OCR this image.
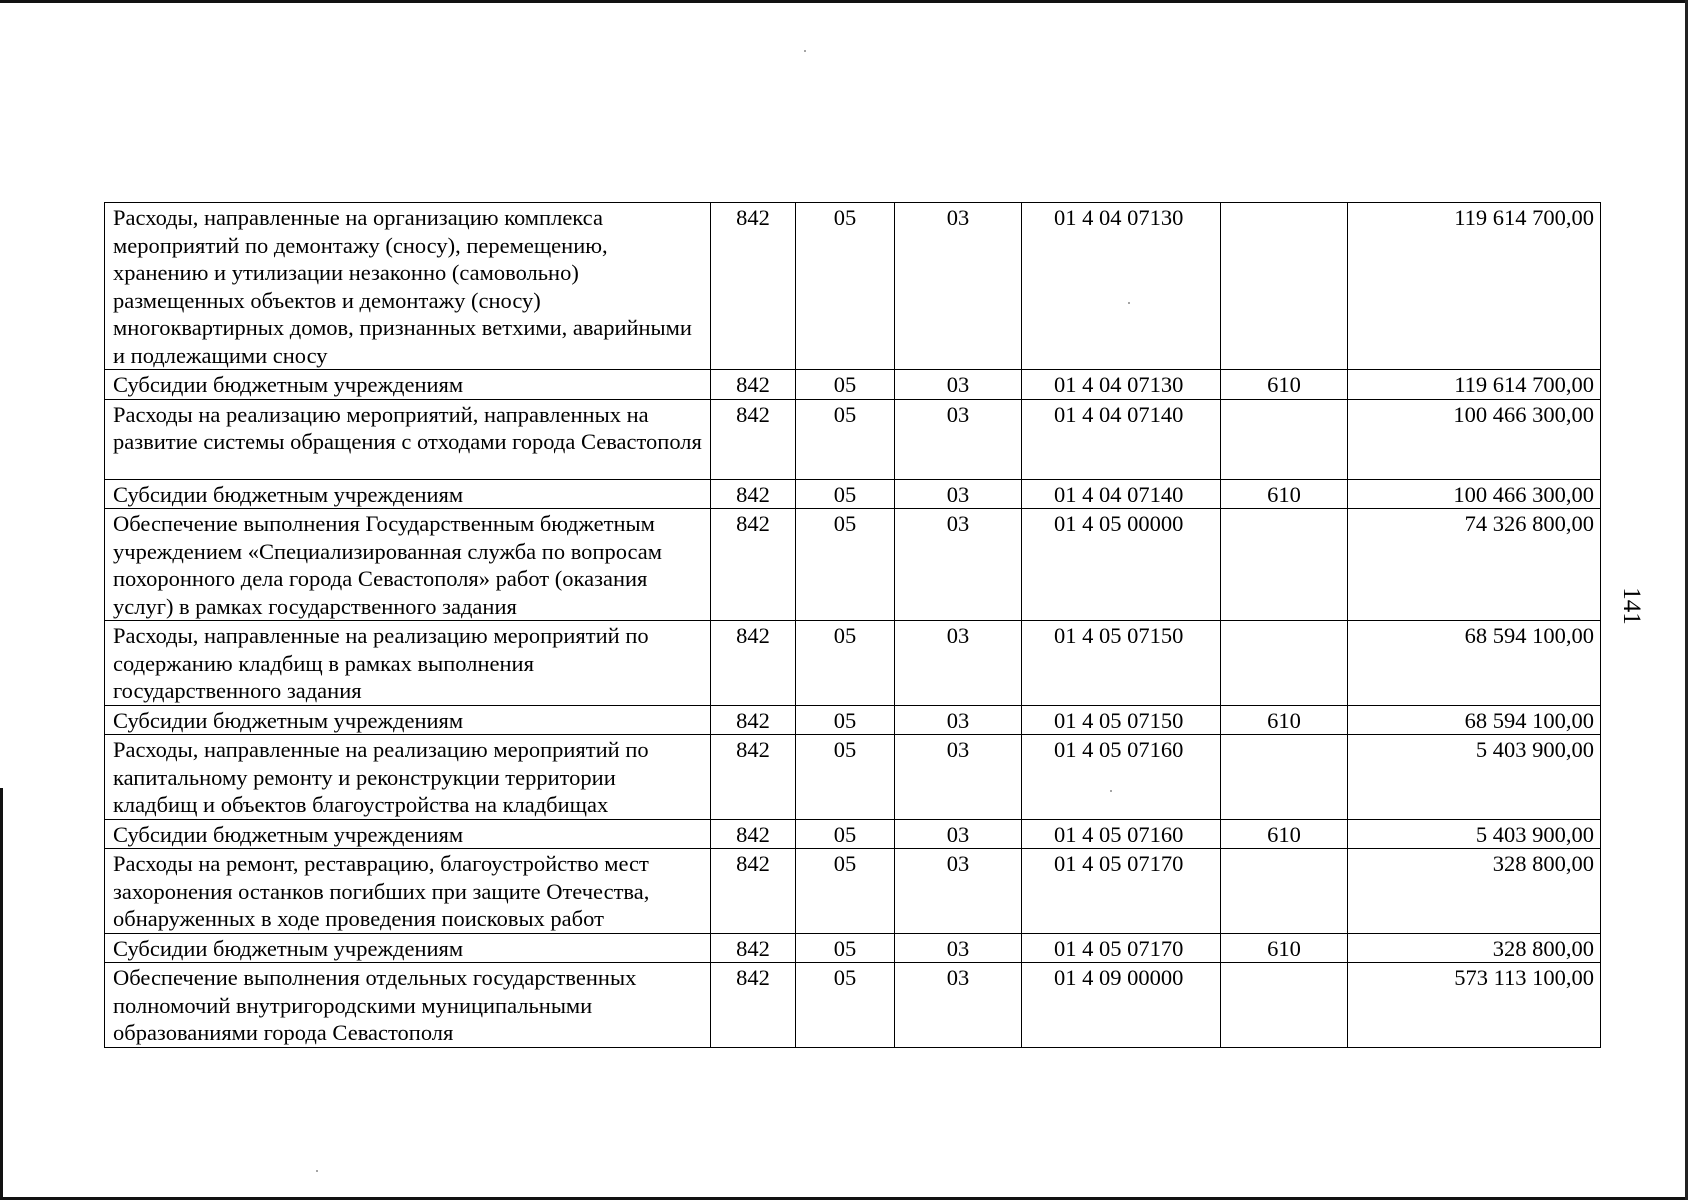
141
Расходы, направленные на организацию комплекса мероприятий по демонтажу (сносу), перемещению, хранению и утилизации незаконно (самовольно) размещенных объектов и демонтажу (сносу) многоквартирных домов, признанных ветхими, аварийными и подлежащими сносу	842	05	03	01 4 04 07130		119 614 700,00
Субсидии бюджетным учреждениям	842	05	03	01 4 04 07130	610	119 614 700,00
Расходы на реализацию мероприятий, направленных на развитие системы обращения с отходами города Севастополя	842	05	03	01 4 04 07140		100 466 300,00
Субсидии бюджетным учреждениям	842	05	03	01 4 04 07140	610	100 466 300,00
Обеспечение выполнения Государственным бюджетным учреждением «Специализированная служба по вопросам похоронного дела города Севастополя» работ (оказания услуг) в рамках государственного задания	842	05	03	01 4 05 00000		74 326 800,00
Расходы, направленные на реализацию мероприятий по содержанию кладбищ в рамках выполнения государственного задания	842	05	03	01 4 05 07150		68 594 100,00
Субсидии бюджетным учреждениям	842	05	03	01 4 05 07150	610	68 594 100,00
Расходы, направленные на реализацию мероприятий по капитальному ремонту и реконструкции территории кладбищ и объектов благоустройства на кладбищах	842	05	03	01 4 05 07160		5 403 900,00
Субсидии бюджетным учреждениям	842	05	03	01 4 05 07160	610	5 403 900,00
Расходы на ремонт, реставрацию, благоустройство мест захоронения останков погибших при защите Отечества, обнаруженных в ходе проведения поисковых работ	842	05	03	01 4 05 07170		328 800,00
Субсидии бюджетным учреждениям	842	05	03	01 4 05 07170	610	328 800,00
Обеспечение выполнения отдельных государственных полномочий внутригородскими муниципальными образованиями города Севастополя	842	05	03	01 4 09 00000		573 113 100,00
